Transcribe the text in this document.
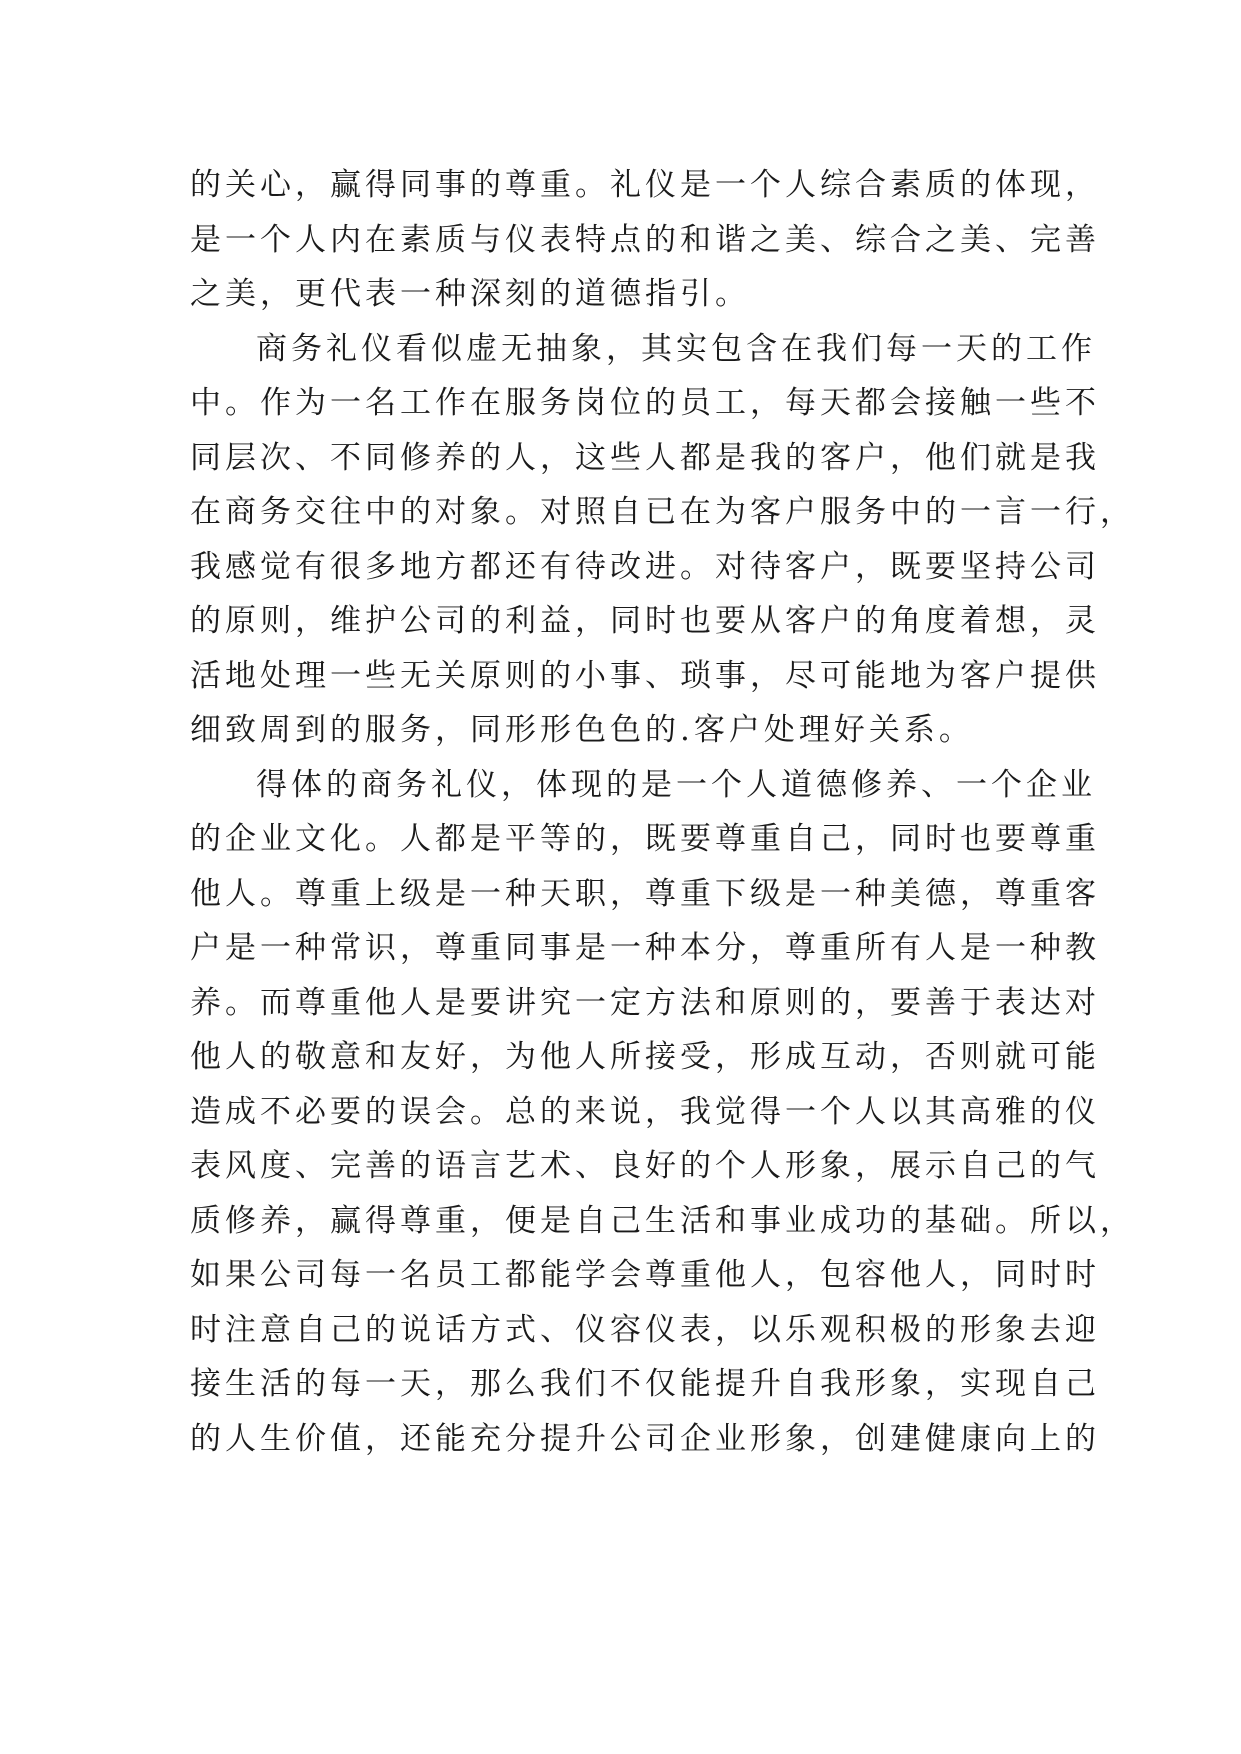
的关心，赢得同事的尊重。礼仪是一个人综合素质的体现，
是一个人内在素质与仪表特点的和谐之美、综合之美、完善
之美，更代表一种深刻的道德指引。
商务礼仪看似虚无抽象，其实包含在我们每一天的工作
中。作为一名工作在服务岗位的员工，每天都会接触一些不
同层次、不同修养的人，这些人都是我的客户，他们就是我
在商务交往中的对象。对照自已在为客户服务中的一言一行，
我感觉有很多地方都还有待改进。对待客户，既要坚持公司
的原则，维护公司的利益，同时也要从客户的角度着想，灵
活地处理一些无关原则的小事、琐事，尽可能地为客户提供
细致周到的服务，同形形色色的.客户处理好关系。
得体的商务礼仪，体现的是一个人道德修养、一个企业
的企业文化。人都是平等的，既要尊重自己，同时也要尊重
他人。尊重上级是一种天职，尊重下级是一种美德，尊重客
户是一种常识，尊重同事是一种本分，尊重所有人是一种教
养。而尊重他人是要讲究一定方法和原则的，要善于表达对
他人的敬意和友好，为他人所接受，形成互动，否则就可能
造成不必要的误会。总的来说，我觉得一个人以其高雅的仪
表风度、完善的语言艺术、良好的个人形象，展示自己的气
质修养，赢得尊重，便是自己生活和事业成功的基础。所以，
如果公司每一名员工都能学会尊重他人，包容他人，同时时
时注意自己的说话方式、仪容仪表，以乐观积极的形象去迎
接生活的每一天，那么我们不仅能提升自我形象，实现自己
的人生价值，还能充分提升公司企业形象，创建健康向上的
